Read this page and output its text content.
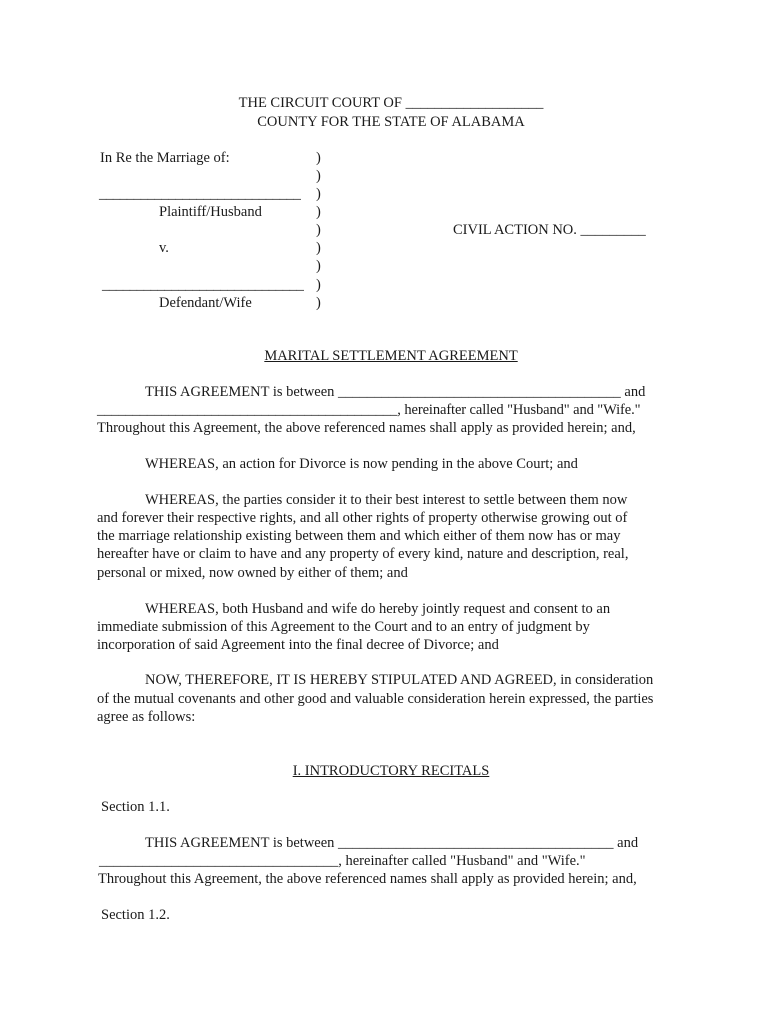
THE CIRCUIT COURT OF ___________________
COUNTY FOR THE STATE OF ALABAMA
In Re the Marriage of:
_____________________________
Plaintiff/Husband
v.
_____________________________
Defendant/Wife
)
)
)
)
)
)
)
)
)
CIVIL ACTION NO. _________
MARITAL SETTLEMENT AGREEMENT
THIS AGREEMENT is between _______________________________________ and
__________________________________________, hereinafter called "Husband" and "Wife."
Throughout this Agreement, the above referenced names shall apply as provided herein; and,
WHEREAS, an action for Divorce is now pending in the above Court; and
WHEREAS, the parties consider it to their best interest to settle between them now
and forever their respective rights, and all other rights of property otherwise growing out of
the marriage relationship existing between them and which either of them now has or may
hereafter have or claim to have and any property of every kind, nature and description, real,
personal or mixed, now owned by either of them; and
WHEREAS, both Husband and wife do hereby jointly request and consent to an
immediate submission of this Agreement to the Court and to an entry of judgment by
incorporation of said Agreement into the final decree of Divorce; and
NOW, THEREFORE, IT IS HEREBY STIPULATED AND AGREED, in consideration
of the mutual covenants and other good and valuable consideration herein expressed, the parties
agree as follows:
I. INTRODUCTORY RECITALS
Section 1.1.
THIS AGREEMENT is between ______________________________________ and
_________________________________, hereinafter called "Husband" and "Wife."
Throughout this Agreement, the above referenced names shall apply as provided herein; and,
Section 1.2.
